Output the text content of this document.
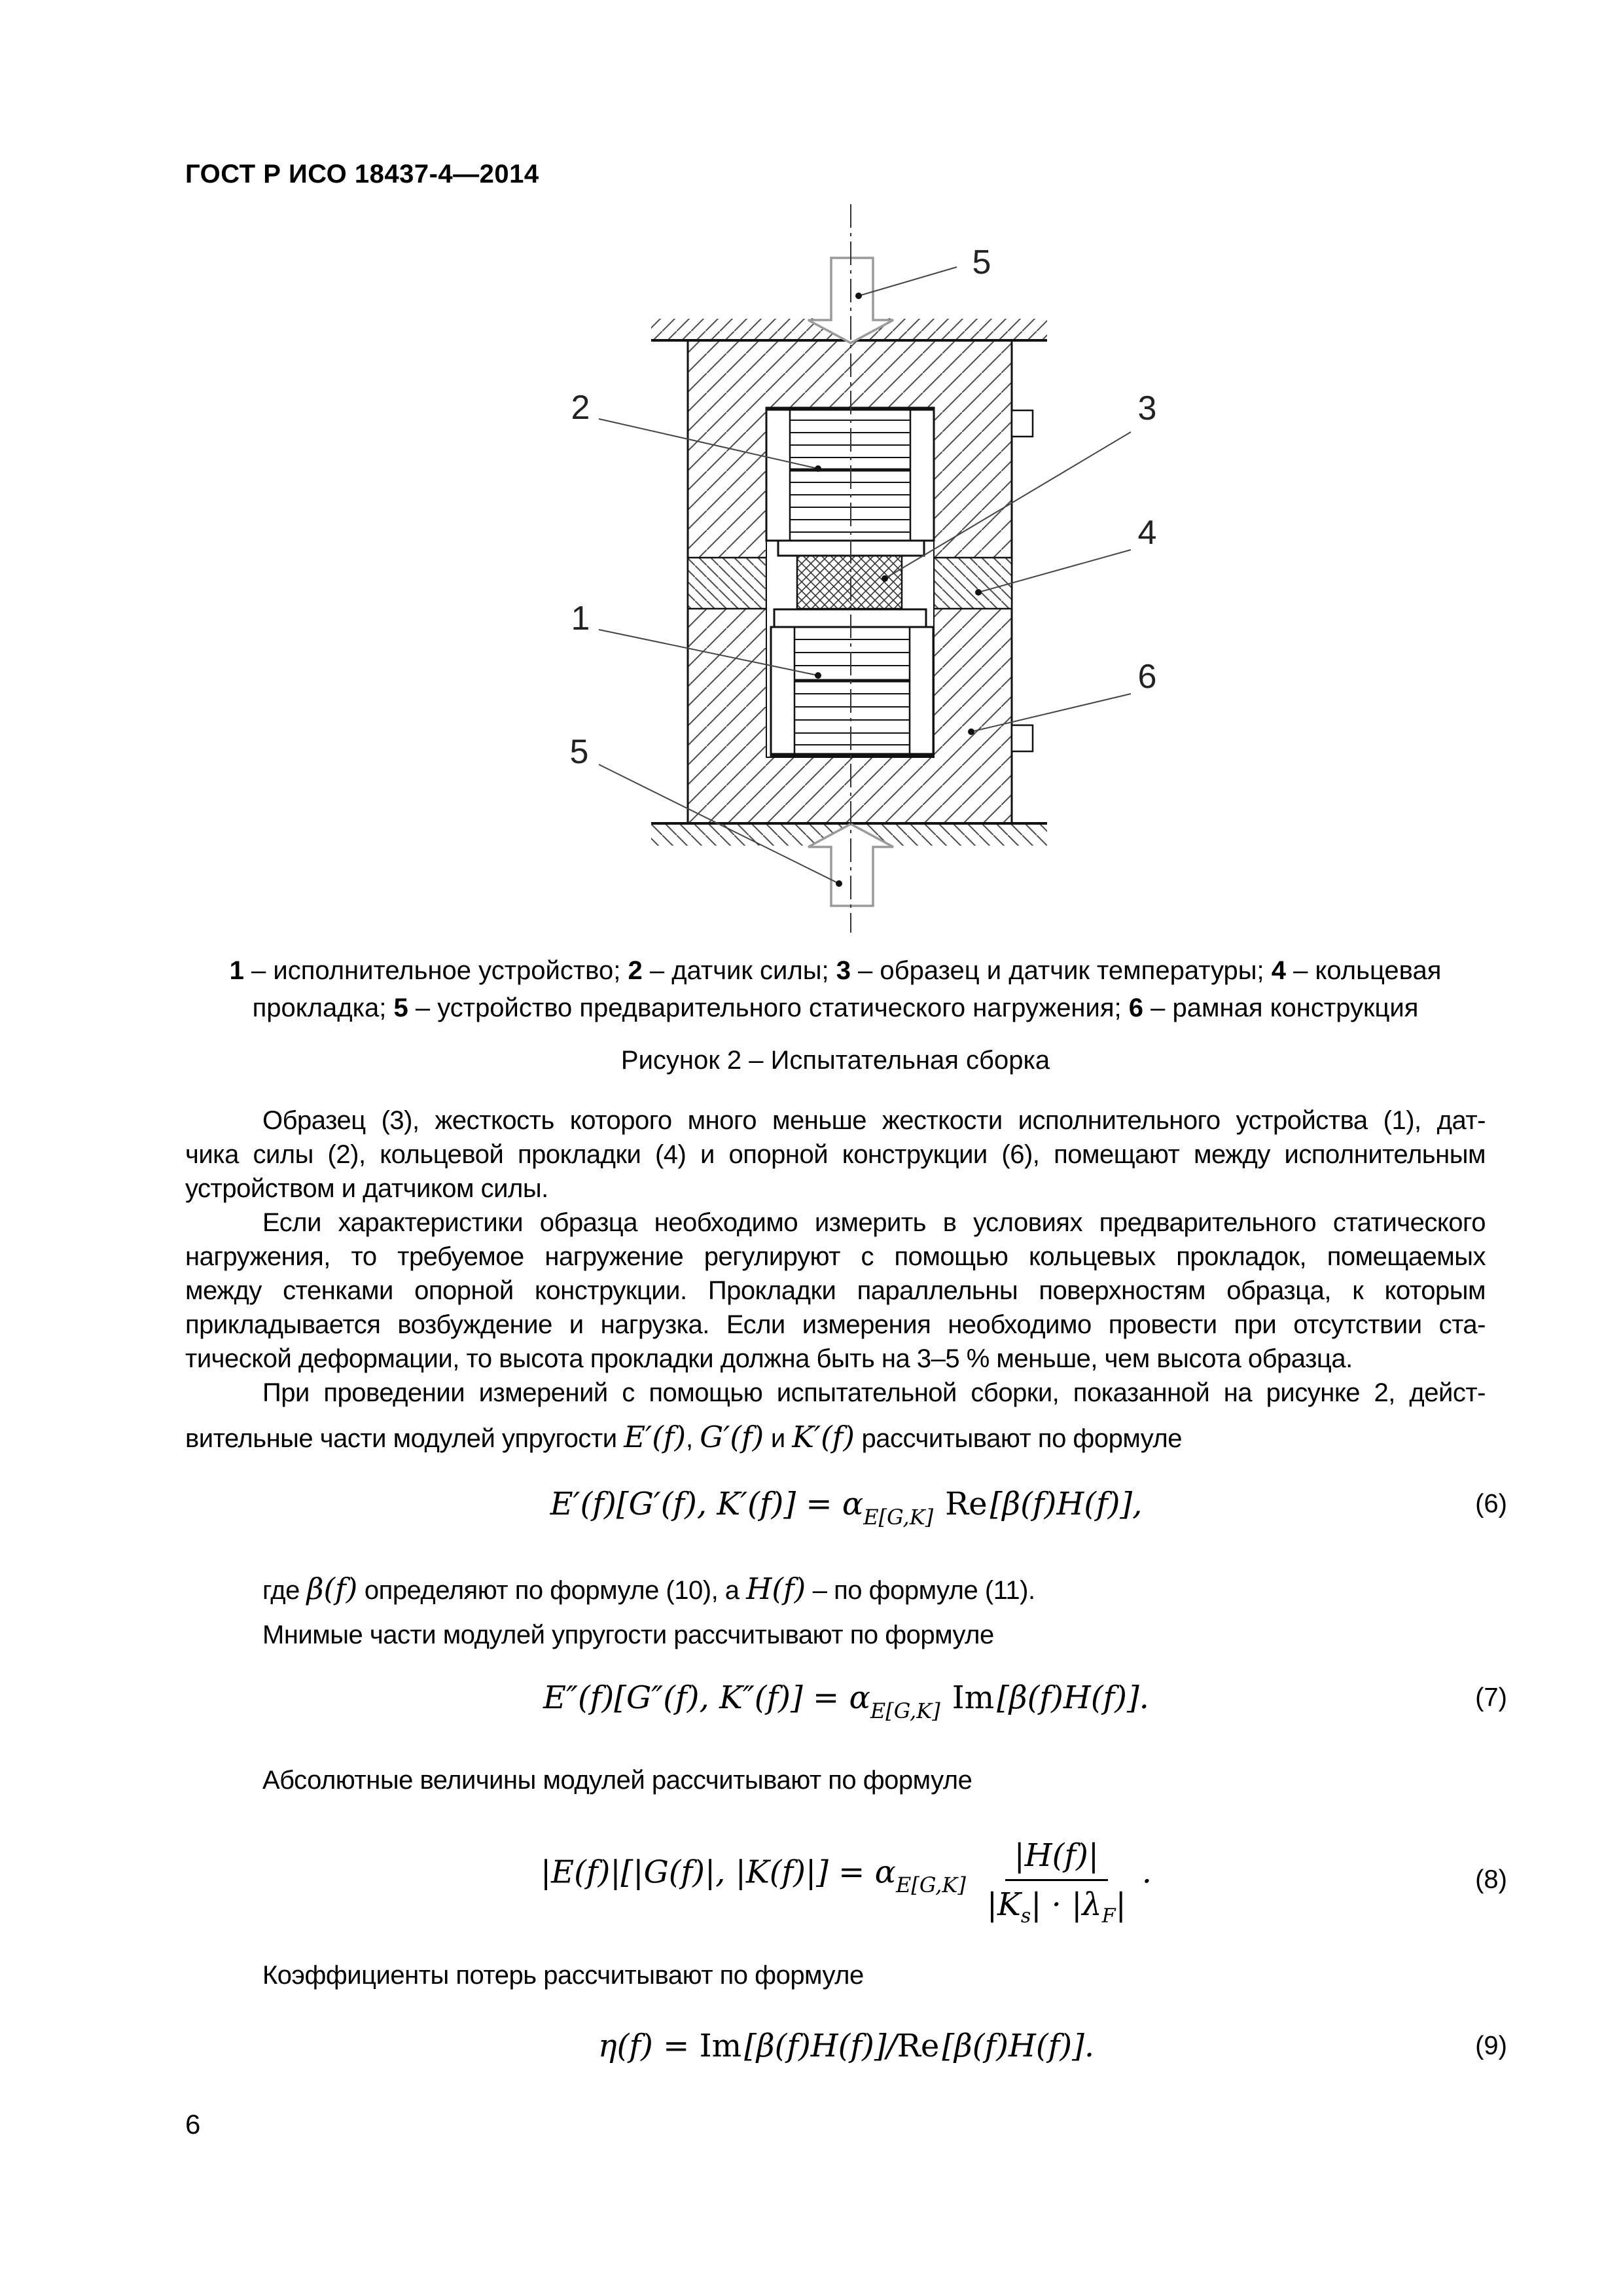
ГОСТ Р ИСО 18437-4—2014
5
2	3
4
1
6
5
1 – исполнительное устройство; 2 – датчик силы; 3 – образец и датчик температуры; 4 – кольцевая
прокладка; 5 – устройство предварительного статического нагружения; 6 – рамная конструкция
Рисунок 2 – Испытательная сборка
Образец (3), жесткость которого много меньше жесткости исполнительного устройства (1), дат-
чика силы (2), кольцевой прокладки (4) и опорной конструкции (6), помещают между исполнительным
устройством и датчиком силы.
Если характеристики образца необходимо измерить в условиях предварительного статического
нагружения, то требуемое нагружение регулируют с помощью кольцевых прокладок, помещаемых
между стенками опорной конструкции. Прокладки параллельны поверхностям образца, к которым
прикладывается возбуждение и нагрузка. Если измерения необходимо провести при отсутствии ста-
тической деформации, то высота прокладки должна быть на 3–5 % меньше, чем высота образца.
При проведении измерений с помощью испытательной сборки, показанной на рисунке 2, дейст-
вительные части модулей упругости E′(f), G′(f) и K′(f) рассчитывают по формуле
E′(f)[G′(f), K′(f)] = αE[G,K] Re[β(f)H(f)],	(6)
где β(f) определяют по формуле (10), а H(f) – по формуле (11).
Мнимые части модулей упругости рассчитывают по формуле
E″(f)[G″(f), K″(f)] = αE[G,K] Im[β(f)H(f)].	(7)
Абсолютные величины модулей рассчитывают по формуле
|E(f)|[|G(f)|, $|K(f)|] = \alpha E[G,K] \frac{|H(f)|}{|Ks| \cdot |\lambda F|}$ .	(8)
Коэффициенты потерь рассчитывают по формуле
η(f) = Im[β(f)H(f)]/Re[β(f)H(f)].	(9)
6
